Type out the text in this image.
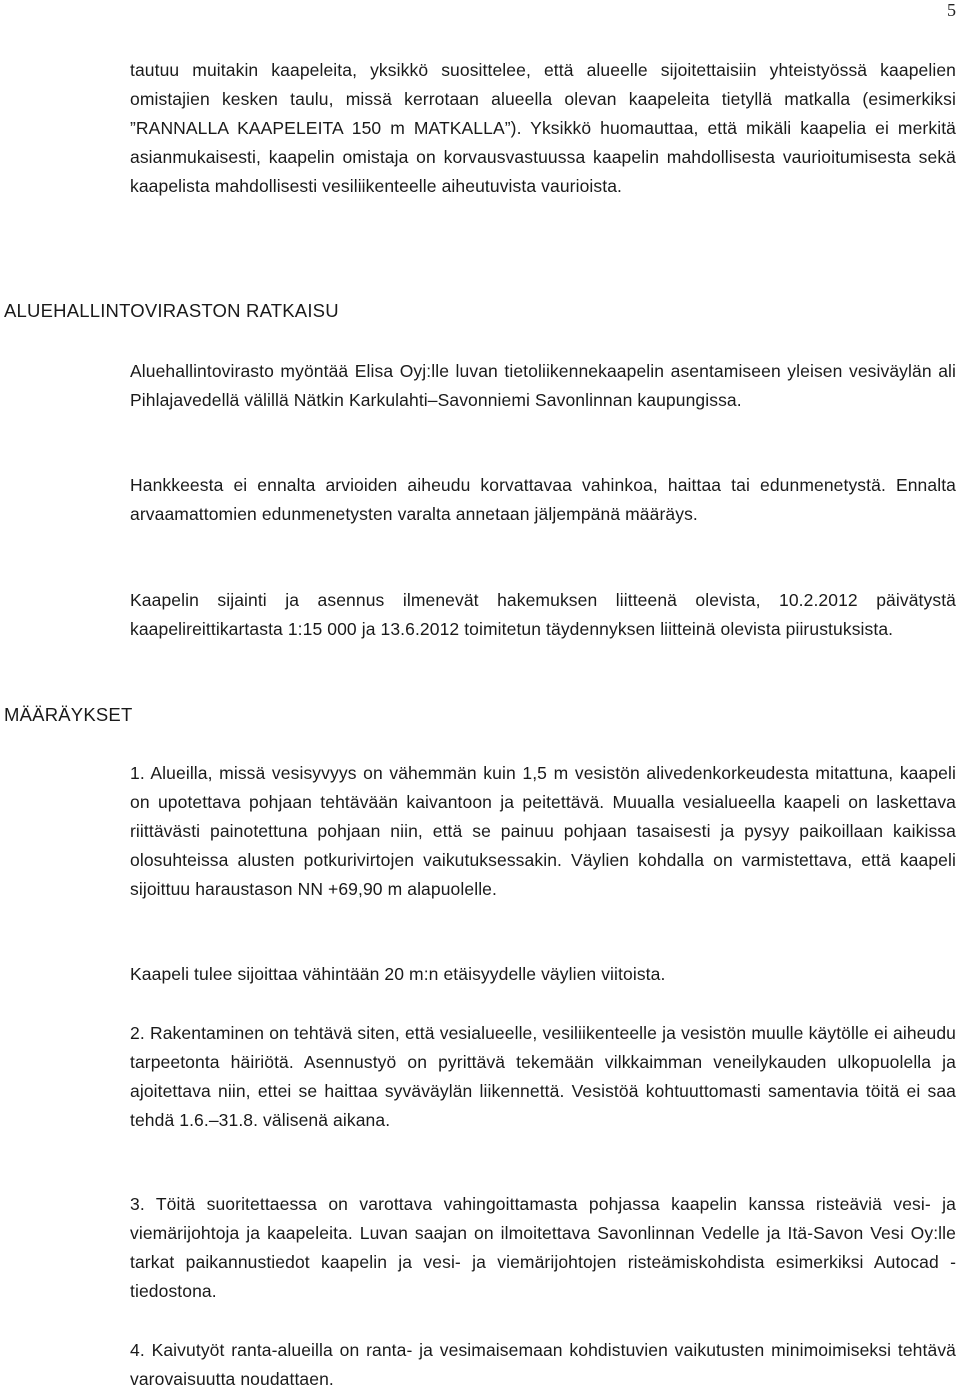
5

tautuu muitakin kaapeleita, yksikkö suosittelee, että alueelle sijoitettaisiin yhteistyössä kaapelien omistajien kesken taulu, missä kerrotaan alueella olevan kaapeleita tietyllä matkalla (esimerkiksi ”RANNALLA KAAPELEITA 150 m MATKALLA”). Yksikkö huomauttaa, että mikäli kaapelia ei merkitä asianmukaisesti, kaapelin omistaja on korvausvastuussa kaapelin mahdollisesta vaurioitumisesta sekä kaapelista mahdollisesti vesiliikenteelle aiheutuvista vaurioista.

ALUEHALLINTOVIRASTON RATKAISU

Aluehallintovirasto myöntää Elisa Oyj:lle luvan tietoliikennekaapelin asentamiseen yleisen vesiväylän ali Pihlajavedellä välillä Nätkin Karkulahti–Savonniemi Savonlinnan kaupungissa.

Hankkeesta ei ennalta arvioiden aiheudu korvattavaa vahinkoa, haittaa tai edunmenetystä. Ennalta arvaamattomien edunmenetysten varalta annetaan jäljempänä määräys.

Kaapelin sijainti ja asennus ilmenevät hakemuksen liitteenä olevista, 10.2.2012 päivätystä kaapelireittikartasta 1:15 000 ja 13.6.2012 toimitetun täydennyksen liitteinä olevista piirustuksista.

MÄÄRÄYKSET

1. Alueilla, missä vesisyvyys on vähemmän kuin 1,5 m vesistön alivedenkorkeudesta mitattuna, kaapeli on upotettava pohjaan tehtävään kaivantoon ja peitettävä. Muualla vesialueella kaapeli on laskettava riittävästi painotettuna pohjaan niin, että se painuu pohjaan tasaisesti ja pysyy paikoillaan kaikissa olosuhteissa alusten potkurivirtojen vaikutuksessakin. Väylien kohdalla on varmistettava, että kaapeli sijoittuu haraustason NN +69,90 m alapuolelle.

Kaapeli tulee sijoittaa vähintään 20 m:n etäisyydelle väylien viitoista.

2. Rakentaminen on tehtävä siten, että vesialueelle, vesiliikenteelle ja vesistön muulle käytölle ei aiheudu tarpeetonta häiriötä. Asennustyö on pyrittävä tekemään vilkkaimman veneilykauden ulkopuolella ja ajoitettava niin, ettei se haittaa syväväylän liikennettä. Vesistöä kohtuuttomasti samentavia töitä ei saa tehdä 1.6.–31.8. välisenä aikana.

3. Töitä suoritettaessa on varottava vahingoittamasta pohjassa kaapelin kanssa risteäviä vesi- ja viemärijohtoja ja kaapeleita. Luvan saajan on ilmoitettava Savonlinnan Vedelle ja Itä-Savon Vesi Oy:lle tarkat paikannustiedot kaapelin ja vesi- ja viemärijohtojen risteämiskohdista esimerkiksi Autocad -tiedostona.

4. Kaivutyöt ranta-alueilla on ranta- ja vesimaisemaan kohdistuvien vaikutusten minimoimiseksi tehtävä varovaisuutta noudattaen.
